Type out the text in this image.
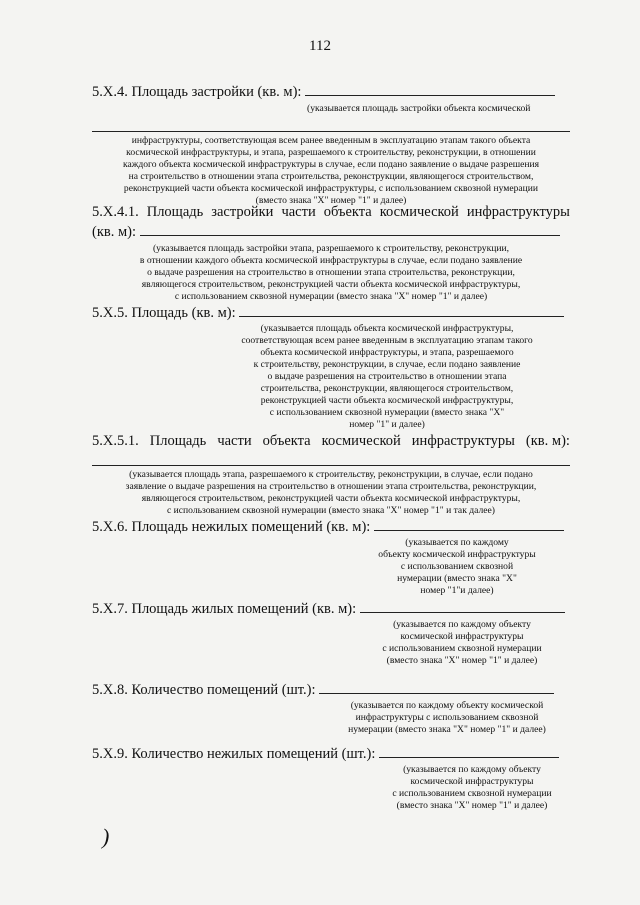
112
5.Х.4. Площадь застройки (кв. м):
(указывается площадь застройки объекта космической
инфраструктуры, соответствующая всем ранее введенным в эксплуатацию этапам такого объекта
космической инфраструктуры, и этапа, разрешаемого к строительству, реконструкции, в отношении
каждого объекта космической инфраструктуры в случае, если подано заявление о выдаче разрешения
на строительство в отношении этапа строительства, реконструкции, являющегося строительством,
реконструкцией части объекта космической инфраструктуры, с использованием сквозной нумерации
(вместо знака "X" номер "1" и далее)
5.Х.4.1. Площадь застройки части объекта космической инфраструктуры
(кв. м):
(указывается площадь застройки этапа, разрешаемого к строительству, реконструкции,
в отношении каждого объекта космической инфраструктуры в случае, если подано заявление
о выдаче разрешения на строительство в отношении этапа строительства, реконструкции,
являющегося строительством, реконструкцией части объекта космической инфраструктуры,
с использованием сквозной нумерации (вместо знака "X" номер "1" и далее)
5.Х.5. Площадь (кв. м):
(указывается площадь объекта космической инфраструктуры,
соответствующая всем ранее введенным в эксплуатацию этапам такого
объекта космической инфраструктуры, и этапа, разрешаемого
к строительству, реконструкции, в случае, если подано заявление
о выдаче разрешения на строительство в отношении этапа
строительства, реконструкции, являющегося строительством,
реконструкцией части объекта космической инфраструктуры,
с использованием сквозной нумерации (вместо знака "X"
номер "1" и далее)
5.Х.5.1. Площадь части объекта космической инфраструктуры (кв. м):
(указывается площадь этапа, разрешаемого к строительству, реконструкции, в случае, если подано
заявление о выдаче разрешения на строительство в отношении этапа строительства, реконструкции,
являющегося строительством, реконструкцией части объекта космической инфраструктуры,
с использованием сквозной нумерации (вместо знака "X" номер "1" и так далее)
5.Х.6. Площадь нежилых помещений (кв. м):
(указывается по каждому
объекту космической инфраструктуры
с использованием сквозной
нумерации (вместо знака "X"
номер "1"и далее)
5.Х.7. Площадь жилых помещений (кв. м):
(указывается по каждому объекту
космической инфраструктуры
с использованием сквозной нумерации
(вместо знака "X" номер "1" и далее)
5.Х.8. Количество помещений (шт.):
(указывается по каждому объекту космической
инфраструктуры с использованием сквозной
нумерации (вместо знака "X" номер "1" и далее)
5.Х.9. Количество нежилых помещений (шт.):
(указывается по каждому объекту
космической инфраструктуры
с использованием сквозной нумерации
(вместо знака "X" номер "1" и далее)
)
